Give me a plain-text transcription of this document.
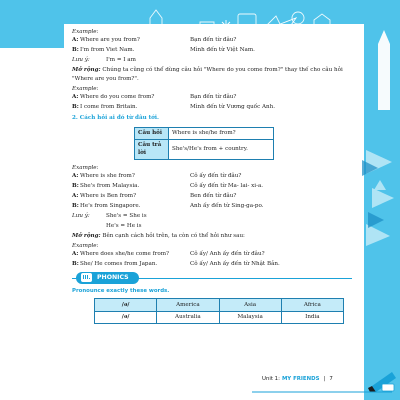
Example:
A: Where are you from?	Bạn đến từ đâu?
B: I'm from Viet Nam.	Mình đến từ Việt Nam.
Lưu ý:	I'm = I am
Mở rộng: Chúng ta cũng có thể dùng câu hỏi "Where do you come from?" thay thế cho câu hỏi "Where are you from?".
Example:
A: Where do you come from?	Bạn đến từ đâu?
B: I come from Britain.	Mình đến từ Vương quốc Anh.
2. Cách hỏi ai đó từ đâu tới.
Câu hỏi	Where is she/he from?
Câu trả lời	She's/He's from + country.
Example:
A: Where is she from?	Cô ấy đến từ đâu?
B: She's from Malaysia.	Cô ấy đến từ Ma- lai- xi-a.
A: Where is Ben from?	Ben đến từ đâu?
B: He's from Singapore.	Anh ấy đến từ Sing-ga-po.
Lưu ý:	She's = She is
He's = He is
Mở rộng: Bên cạnh cách hỏi trên, ta còn có thể hỏi như sau:
Example:
A: Where does she/he come from?	Cô ấy/ Anh ấy đến từ đâu?
B: She/ He comes from Japan.	Cô ấy/ Anh ấy đến từ Nhật Bản.
III. PHONICS
Pronounce exactly these words.
/ə/	America	Asia	Africa
/ə/	Australia	Malaysia	India
Unit 1: MY FRIENDS | 7
